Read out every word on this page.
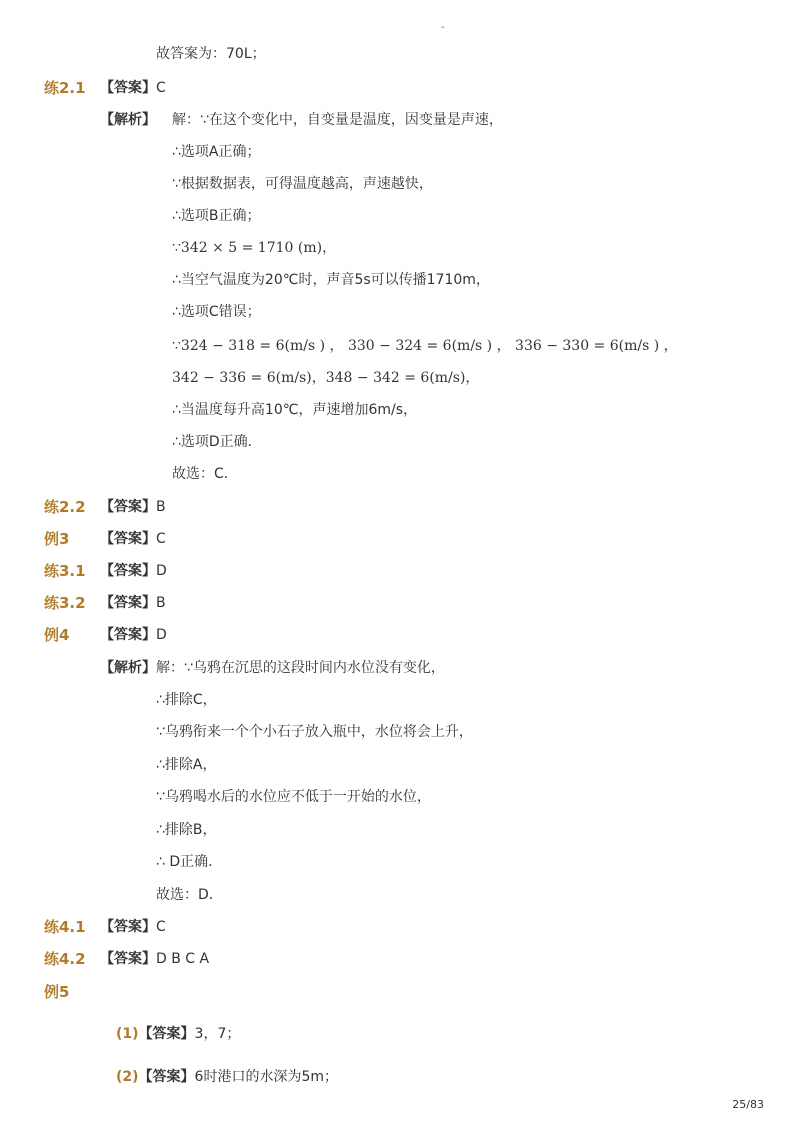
-
故答案为：70L；
练2.1 【答案】 C
【解析】 解：∵在这个变化中，自变量是温度，因变量是声速，
∴选项A正确；
∵根据数据表，可得温度越高，声速越快，
∴选项B正确；
∵342 × 5 = 1710 (m)，
∴当空气温度为20℃时，声音5s可以传播1710m，
∴选项C错误；
∵324 − 318 = 6(m/s ) ， 330 − 324 = 6(m/s ) ， 336 − 330 = 6(m/s ) ，
342 − 336 = 6(m/s)，348 − 342 = 6(m/s)，
∴当温度每升高10℃，声速增加6m/s，
∴选项D正确．
故选：C．
练2.2 【答案】 B
例3 【答案】 C
练3.1 【答案】 D
练3.2 【答案】 B
例4 【答案】 D
【解析】 解：∵乌鸦在沉思的这段时间内水位没有变化，
∴排除C，
∵乌鸦衔来一个个小石子放入瓶中，水位将会上升，
∴排除A，
∵乌鸦喝水后的水位应不低于一开始的水位，
∴排除B，
∴ D正确．
故选：D．
练4.1 【答案】 C
练4.2 【答案】 D B C A
例5
(1)【答案】3，7；
(2)【答案】6时港口的水深为5m；
25/83
